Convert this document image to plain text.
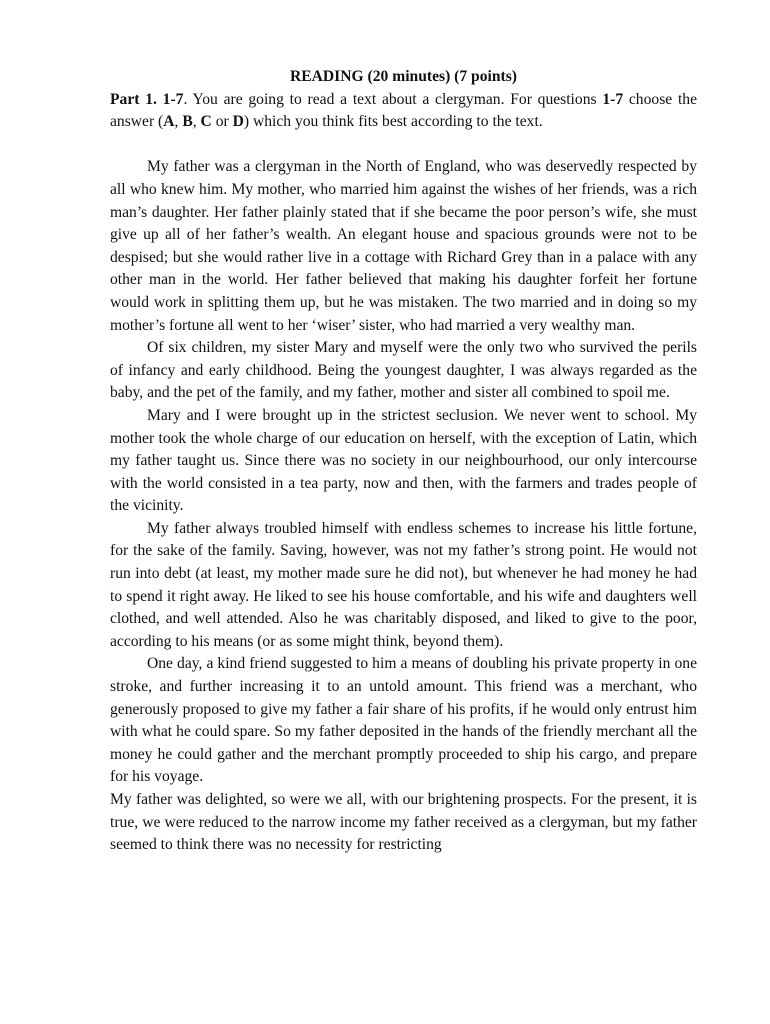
READING (20 minutes) (7 points)

Part 1. 1-7. You are going to read a text about a clergyman. For questions 1-7 choose the answer (A, B, C or D) which you think fits best according to the text.

My father was a clergyman in the North of England, who was deservedly respected by all who knew him. My mother, who married him against the wishes of her friends, was a rich man’s daughter. Her father plainly stated that if she became the poor person’s wife, she must give up all of her father’s wealth. An elegant house and spacious grounds were not to be despised; but she would rather live in a cottage with Richard Grey than in a palace with any other man in the world. Her father believed that making his daughter forfeit her fortune would work in splitting them up, but he was mistaken. The two married and in doing so my mother’s fortune all went to her ‘wiser’ sister, who had married a very wealthy man.

Of six children, my sister Mary and myself were the only two who survived the perils of infancy and early childhood. Being the youngest daughter, I was always regarded as the baby, and the pet of the family, and my father, mother and sister all combined to spoil me.

Mary and I were brought up in the strictest seclusion. We never went to school. My mother took the whole charge of our education on herself, with the exception of Latin, which my father taught us. Since there was no society in our neighbourhood, our only intercourse with the world consisted in a tea party, now and then, with the farmers and trades people of the vicinity.

My father always troubled himself with endless schemes to increase his little fortune, for the sake of the family. Saving, however, was not my father’s strong point. He would not run into debt (at least, my mother made sure he did not), but whenever he had money he had to spend it right away. He liked to see his house comfortable, and his wife and daughters well clothed, and well attended. Also he was charitably disposed, and liked to give to the poor, according to his means (or as some might think, beyond them).

One day, a kind friend suggested to him a means of doubling his private property in one stroke, and further increasing it to an untold amount. This friend was a merchant, who generously proposed to give my father a fair share of his profits, if he would only entrust him with what he could spare. So my father deposited in the hands of the friendly merchant all the money he could gather and the merchant promptly proceeded to ship his cargo, and prepare for his voyage.

My father was delighted, so were we all, with our brightening prospects. For the present, it is true, we were reduced to the narrow income my father received as a clergyman, but my father seemed to think there was no necessity for restricting
